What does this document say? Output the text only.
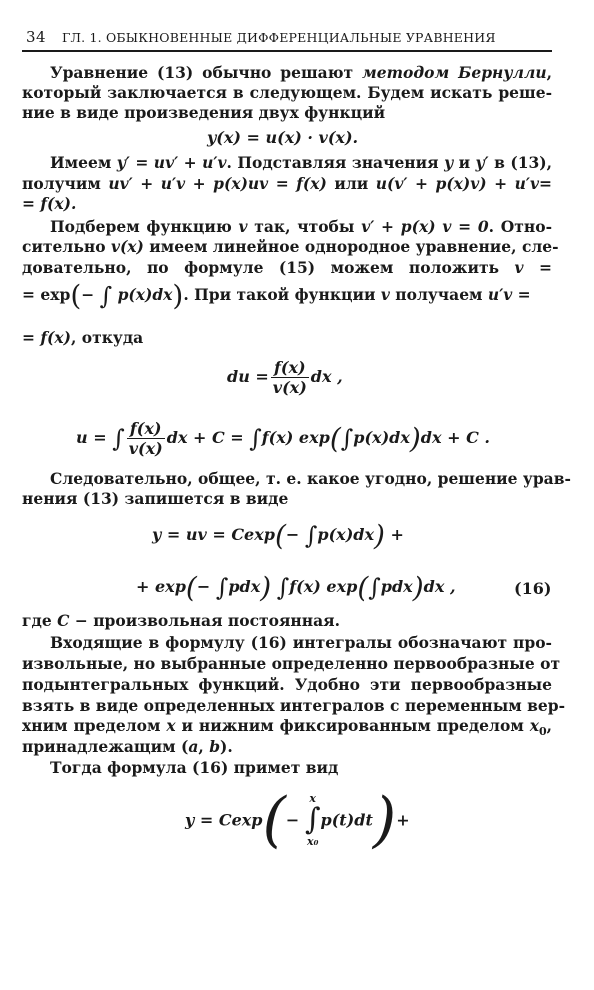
34 ГЛ. 1. ОБЫКНОВЕННЫЕ ДИФФЕРЕНЦИАЛЬНЫЕ УРАВНЕНИЯ
Уравнение (13) обычно решают методом Бернулли,
который заключается в следующем. Будем искать реше-
ние в виде произведения двух функций
y(x) = u(x) · v(x).
Имеем y′ = uv′ + u′v. Подставляя значения y и y′ в (13),
получим uv′ + u′v + p(x)uv = f(x) или u(v′ + p(x)v) + u′v=
= f(x).
Подберем функцию v так, чтобы v′ + p(x) v = 0. Отно-
сительно v(x) имеем линейное однородное уравнение, сле-
довательно, по формуле (15) можем положить v =
= exp(− ∫ p(x)dx). При такой функции v получаем u′v =
= f(x), откуда
du = $\frac{f(x)}{v(x)}$ dx ,
u = ∫ $\frac{f(x)}{v(x)}$ dx + C = ∫f(x) exp(∫p(x)dx)dx + C .
Следовательно, общее, т. е. какое угодно, решение урав-
нения (13) запишется в виде
y = uv = Cexp(− ∫p(x)dx) +
+ exp(− ∫pdx) ∫f(x) exp(∫pdx)dx ,	(16)
где C − произвольная постоянная.
Входящие в формулу (16) интегралы обозначают про-
извольные, но выбранные определенно первообразные от
подынтегральных функций. Удобно эти первообразные
взять в виде определенных интегралов с переменным вер-
хним пределом x и нижним фиксированным пределом $x_0$,
принадлежащим (a, b).
Тогда формула (16) примет вид
y = Cexp(− x
∫
x₀p(t)dt)+
